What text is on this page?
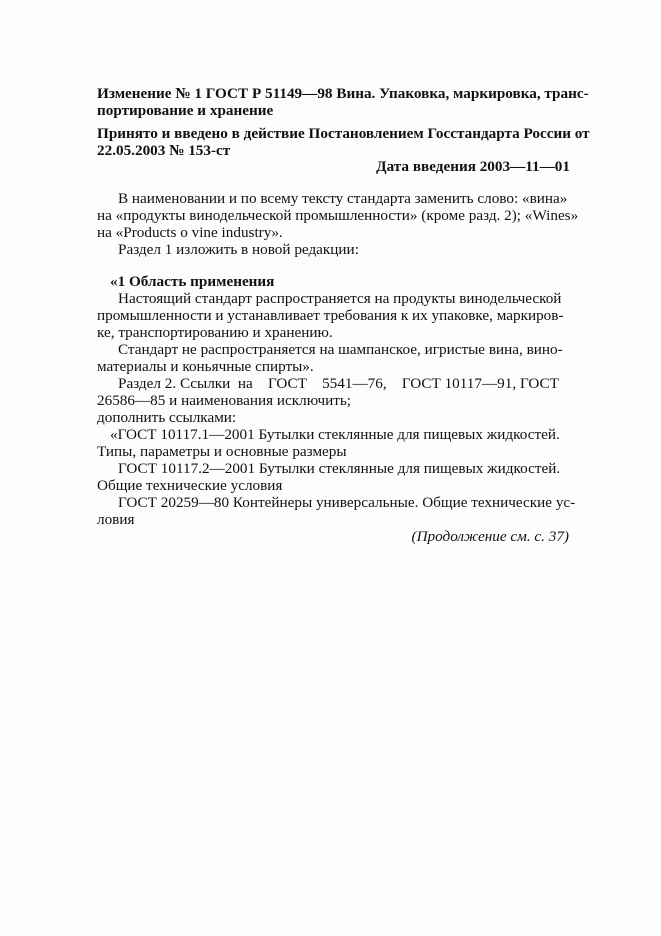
Изменение № 1 ГОСТ Р 51149—98 Вина. Упаковка, маркировка, транс-
портирование и хранение
Принято и введено в действие Постановлением Госстандарта России от
22.05.2003 № 153-ст
Дата введения 2003—11—01
В наименовании и по всему тексту стандарта заменить слово: «вина»
на «продукты винодельческой промышленности» (кроме разд. 2); «Wines»
на «Products o vine industry».
Раздел 1 изложить в новой редакции:
«1 Область применения
Настоящий стандарт распространяется на продукты винодельческой
промышленности и устанавливает требования к их упаковке, маркиров-
ке, транспортированию и хранению.
Стандарт не распространяется на шампанское, игристые вина, вино-
материалы и коньячные спирты».
Раздел 2. Ссылки  на    ГОСТ    5541—76,    ГОСТ 10117—91, ГОСТ
26586—85 и наименования исключить;
дополнить ссылками:
«ГОСТ 10117.1—2001 Бутылки стеклянные для пищевых жидкостей.
Типы, параметры и основные размеры
ГОСТ 10117.2—2001 Бутылки стеклянные для пищевых жидкостей.
Общие технические условия
ГОСТ 20259—80 Контейнеры универсальные. Общие технические ус-
ловия
(Продолжение см. с. 37)
